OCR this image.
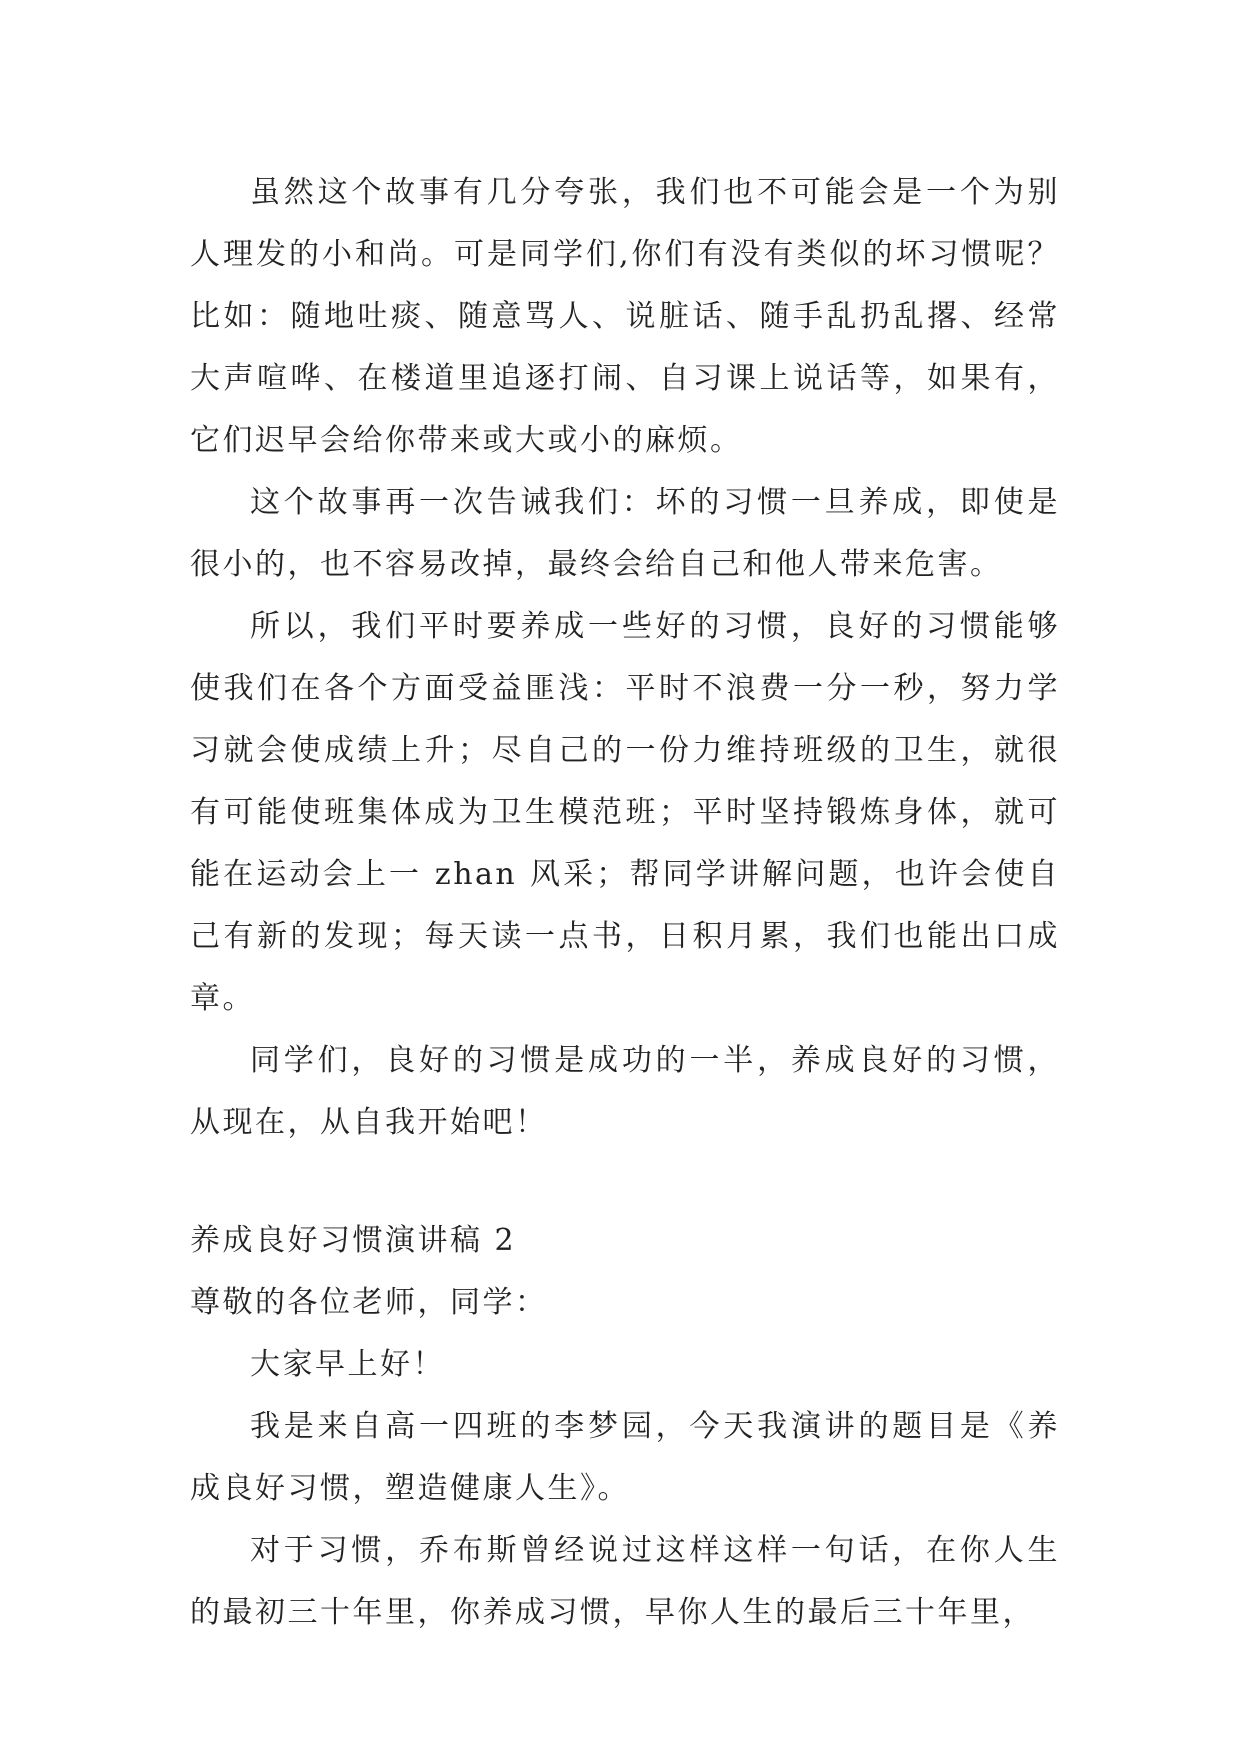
虽然这个故事有几分夸张，我们也不可能会是一个为别人理发的小和尚。可是同学们,你们有没有类似的坏习惯呢？比如：随地吐痰、随意骂人、说脏话、随手乱扔乱撂、经常大声喧哗、在楼道里追逐打闹、自习课上说话等，如果有，它们迟早会给你带来或大或小的麻烦。

这个故事再一次告诫我们：坏的习惯一旦养成，即使是很小的，也不容易改掉，最终会给自己和他人带来危害。

所以，我们平时要养成一些好的习惯，良好的习惯能够使我们在各个方面受益匪浅：平时不浪费一分一秒，努力学习就会使成绩上升；尽自己的一份力维持班级的卫生，就很有可能使班集体成为卫生模范班；平时坚持锻炼身体，就可能在运动会上一 zhan 风采；帮同学讲解问题，也许会使自己有新的发现；每天读一点书，日积月累，我们也能出口成章。

同学们，良好的习惯是成功的一半，养成良好的习惯，从现在，从自我开始吧！

养成良好习惯演讲稿 2

尊敬的各位老师，同学：

大家早上好！

我是来自高一四班的李梦园，今天我演讲的题目是《养成良好习惯，塑造健康人生》。

对于习惯，乔布斯曾经说过这样这样一句话，在你人生的最初三十年里，你养成习惯，早你人生的最后三十年里，
